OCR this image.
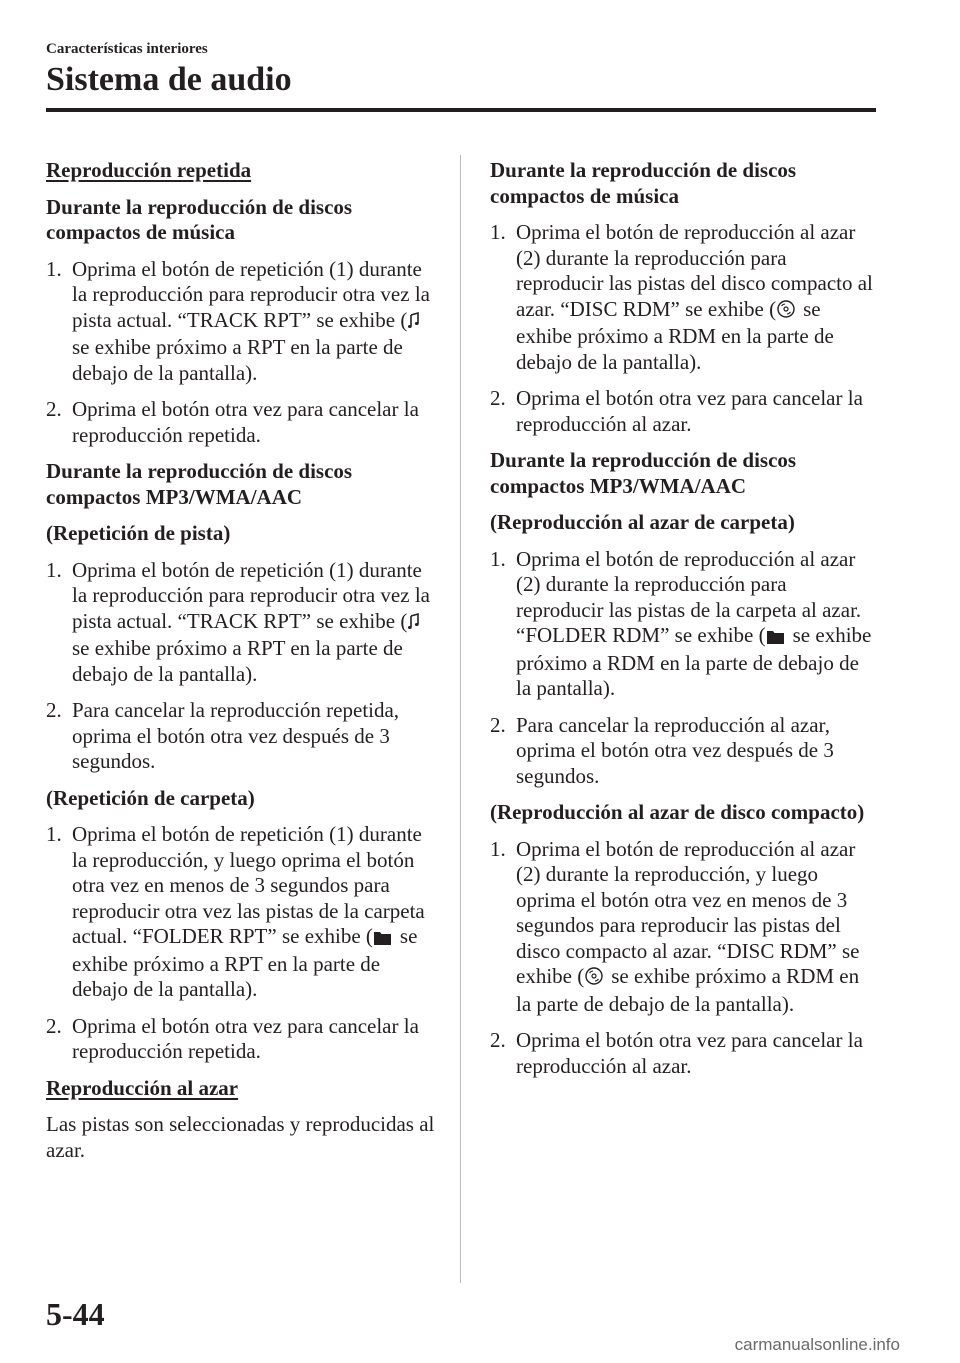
Características interiores
Sistema de audio
Reproducción repetida
Durante la reproducción de discos compactos de música
1. Oprima el botón de repetición (1) durante la reproducción para reproducir otra vez la pista actual. “TRACK RPT” se exhibe (se exhibe próximo a RPT en la parte de debajo de la pantalla).
2. Oprima el botón otra vez para cancelar la reproducción repetida.
Durante la reproducción de discos compactos MP3/WMA/AAC
(Repetición de pista)
1. Oprima el botón de repetición (1) durante la reproducción para reproducir otra vez la pista actual. “TRACK RPT” se exhibe (se exhibe próximo a RPT en la parte de debajo de la pantalla).
2. Para cancelar la reproducción repetida, oprima el botón otra vez después de 3 segundos.
(Repetición de carpeta)
1. Oprima el botón de repetición (1) durante la reproducción, y luego oprima el botón otra vez en menos de 3 segundos para reproducir otra vez las pistas de la carpeta actual. “FOLDER RPT” se exhibe ( se exhibe próximo a RPT en la parte de debajo de la pantalla).
2. Oprima el botón otra vez para cancelar la reproducción repetida.
Reproducción al azar
Las pistas son seleccionadas y reproducidas al azar.
Durante la reproducción de discos compactos de música
1. Oprima el botón de reproducción al azar (2) durante la reproducción para reproducir las pistas del disco compacto al azar. “DISC RDM” se exhibe ( se exhibe próximo a RDM en la parte de debajo de la pantalla).
2. Oprima el botón otra vez para cancelar la reproducción al azar.
Durante la reproducción de discos compactos MP3/WMA/AAC
(Reproducción al azar de carpeta)
1. Oprima el botón de reproducción al azar (2) durante la reproducción para reproducir las pistas de la carpeta al azar. “FOLDER RDM” se exhibe ( se exhibe próximo a RDM en la parte de debajo de la pantalla).
2. Para cancelar la reproducción al azar, oprima el botón otra vez después de 3 segundos.
(Reproducción al azar de disco compacto)
1. Oprima el botón de reproducción al azar (2) durante la reproducción, y luego oprima el botón otra vez en menos de 3 segundos para reproducir las pistas del disco compacto al azar. “DISC RDM” se exhibe ( se exhibe próximo a RDM en la parte de debajo de la pantalla).
2. Oprima el botón otra vez para cancelar la reproducción al azar.
5-44
carmanualsonline.info
